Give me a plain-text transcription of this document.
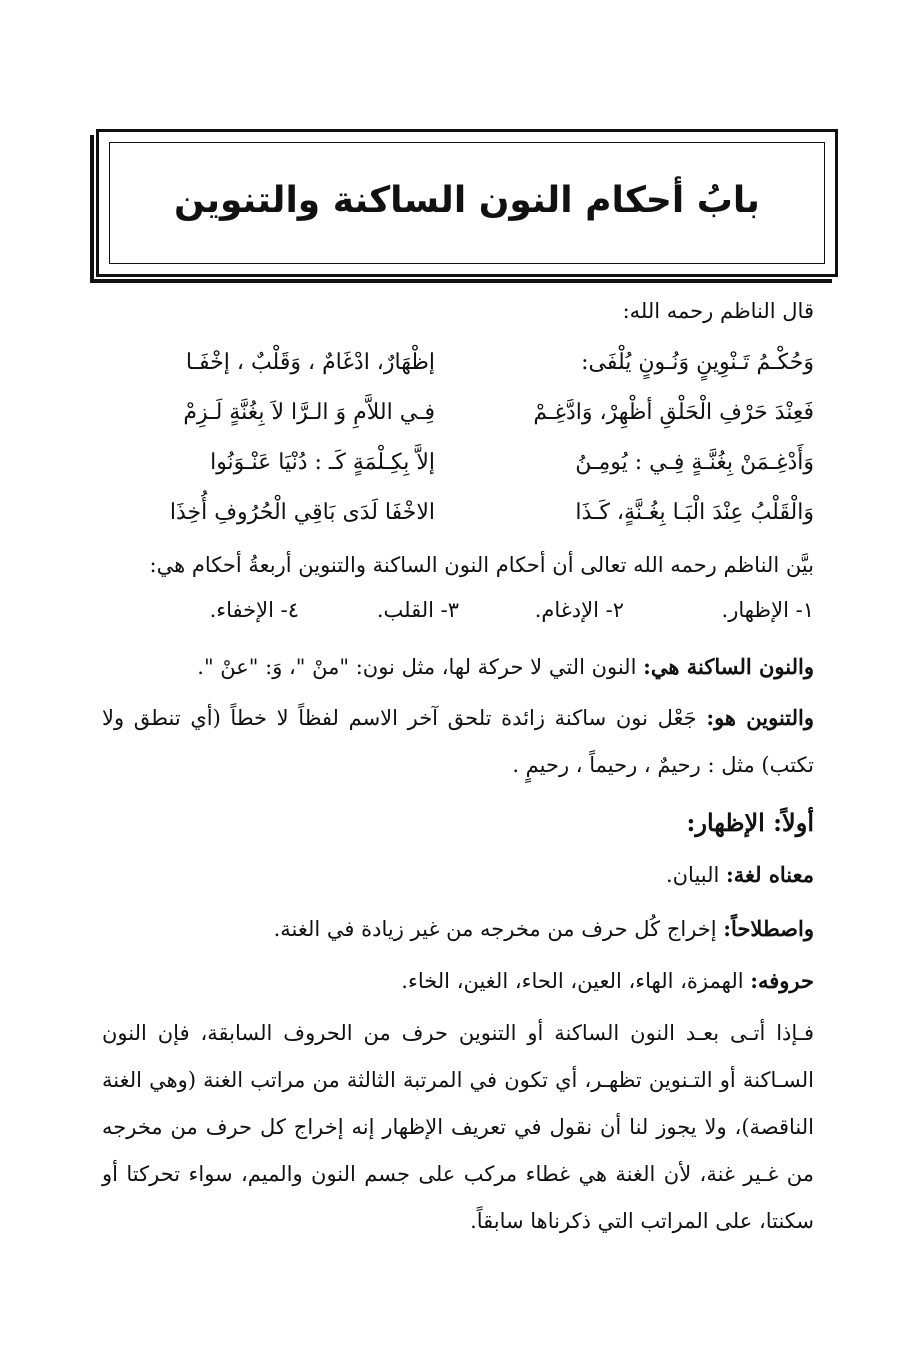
بابُ أحكام النون الساكنة والتنوين
قال الناظم رحمه الله:
وَحُكْـمُ تَـنْوِينٍ وَنُـونٍ يُلْفَى:
إظْهَارٌ، ادْغَامٌ ، وَقَلْبٌ ، إخْفَـا
فَعِنْدَ حَرْفِ الْحَلْقِ أظْهِرْ، وَادَّغِـمْ
فِـي اللاَّمِ وَ الـرَّا لاَ بِغُنَّةٍ لَـزِمْ
وَأَدْغِـمَنْ بِغُنَّـةٍ فِـي : يُومِـنُ
إلاَّ بِكِـلْمَةٍ كَـ : دُنْيَا عَنْـوَنُوا
وَالْقَلْبُ عِنْدَ الْبَـا بِغُـنَّةٍ، كَـذَا
الاخْفَا لَدَى بَاقِي الْحُرُوفِ أُخِذَا
بيَّن الناظم رحمه الله تعالى أن أحكام النون الساكنة والتنوين أربعةُ أحكام هي:
١- الإظهار.
٢- الإدغام.
٣- القلب.
٤- الإخفاء.
والنون الساكنة هي: النون التي لا حركة لها، مثل نون: "منْ "، وَ: "عنْ ".
والتنوين هو: جَعْل نون ساكنة زائدة تلحق آخر الاسم لفظاً لا خطاً (أي تنطق ولا تكتب) مثل : رحيمٌ ، رحيماً ، رحيمٍ .
أولاً: الإظهار:
معناه لغة: البيان.
واصطلاحاً: إخراج كُل حرف من مخرجه من غير زيادة في الغنة.
حروفه: الهمزة، الهاء، العين، الحاء، الغين، الخاء.
فـإذا أتـى بعـد النون الساكنة أو التنوين حرف من الحروف السابقة، فإن النون السـاكنة أو التـنوين تظهـر، أي تكون في المرتبة الثالثة من مراتب الغنة (وهي الغنة الناقصة)، ولا يجوز لنا أن نقول في تعريف الإظهار إنه إخراج كل حرف من مخرجه من غـير غنة، لأن الغنة هي غطاء مركب على جسم النون والميم، سواء تحركتا أو سكنتا، على المراتب التي ذكرناها سابقاً.
